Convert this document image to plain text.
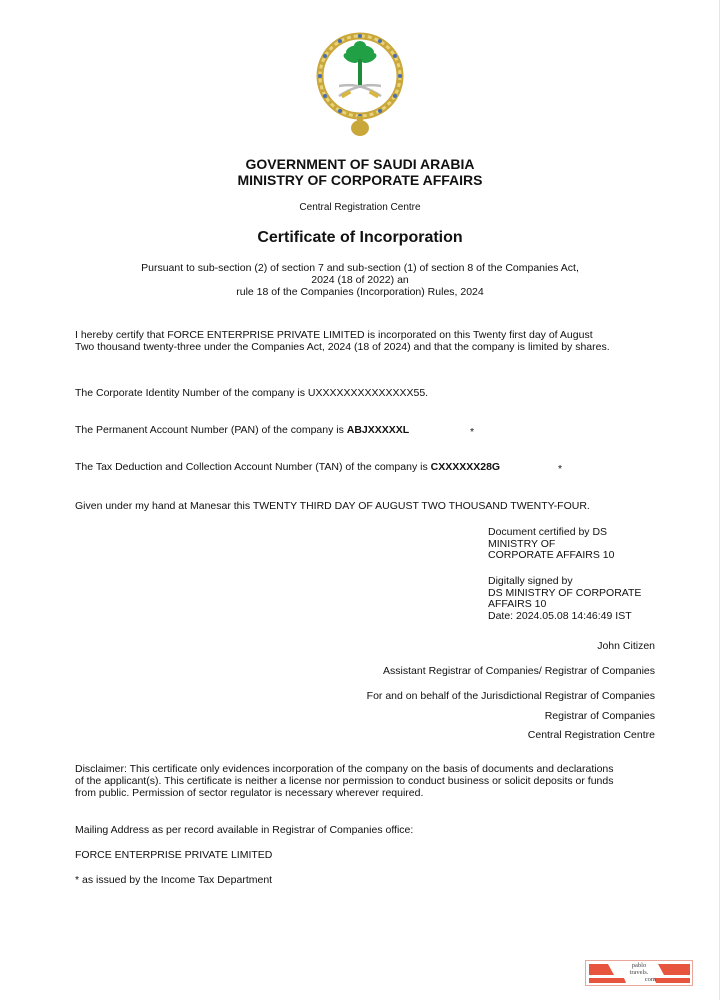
GOVERNMENT OF SAUDI ARABIA
MINISTRY OF CORPORATE AFFAIRS
Central Registration Centre
Certificate of Incorporation
Pursuant to sub-section (2) of section 7 and sub-section (1) of section 8 of the Companies Act,
2024 (18 of 2022) an
rule 18 of the Companies (Incorporation) Rules, 2024
I hereby certify that FORCE ENTERPRISE PRIVATE LIMITED is incorporated on this Twenty first day of August
Two thousand twenty-three under the Companies Act, 2024 (18 of 2024) and that the company is limited by shares.
The Corporate Identity Number of the company is UXXXXXXXXXXXXXX55.
The Permanent Account Number (PAN) of the company is ABJXXXXXL	*
The Tax Deduction and Collection Account Number (TAN) of the company is CXXXXXX28G	*
Given under my hand at Manesar this TWENTY THIRD DAY OF AUGUST TWO THOUSAND TWENTY-FOUR.
Document certified by DS
MINISTRY OF
CORPORATE AFFAIRS 10
Digitally signed by
DS MINISTRY OF CORPORATE
AFFAIRS 10
Date: 2024.05.08 14:46:49 IST
John Citizen
Assistant Registrar of Companies/ Registrar of Companies
For and on behalf of the Jurisdictional Registrar of Companies
Registrar of Companies
Central Registration Centre
Disclaimer: This certificate only evidences incorporation of the company on the basis of documents and declarations
of the applicant(s). This certificate is neither a license nor permission to conduct business or solicit deposits or funds
from public. Permission of sector regulator is necessary wherever required.
Mailing Address as per record available in Registrar of Companies office:
FORCE ENTERPRISE PRIVATE LIMITED
* as issued by the Income Tax Department
pablo
travels.
com
